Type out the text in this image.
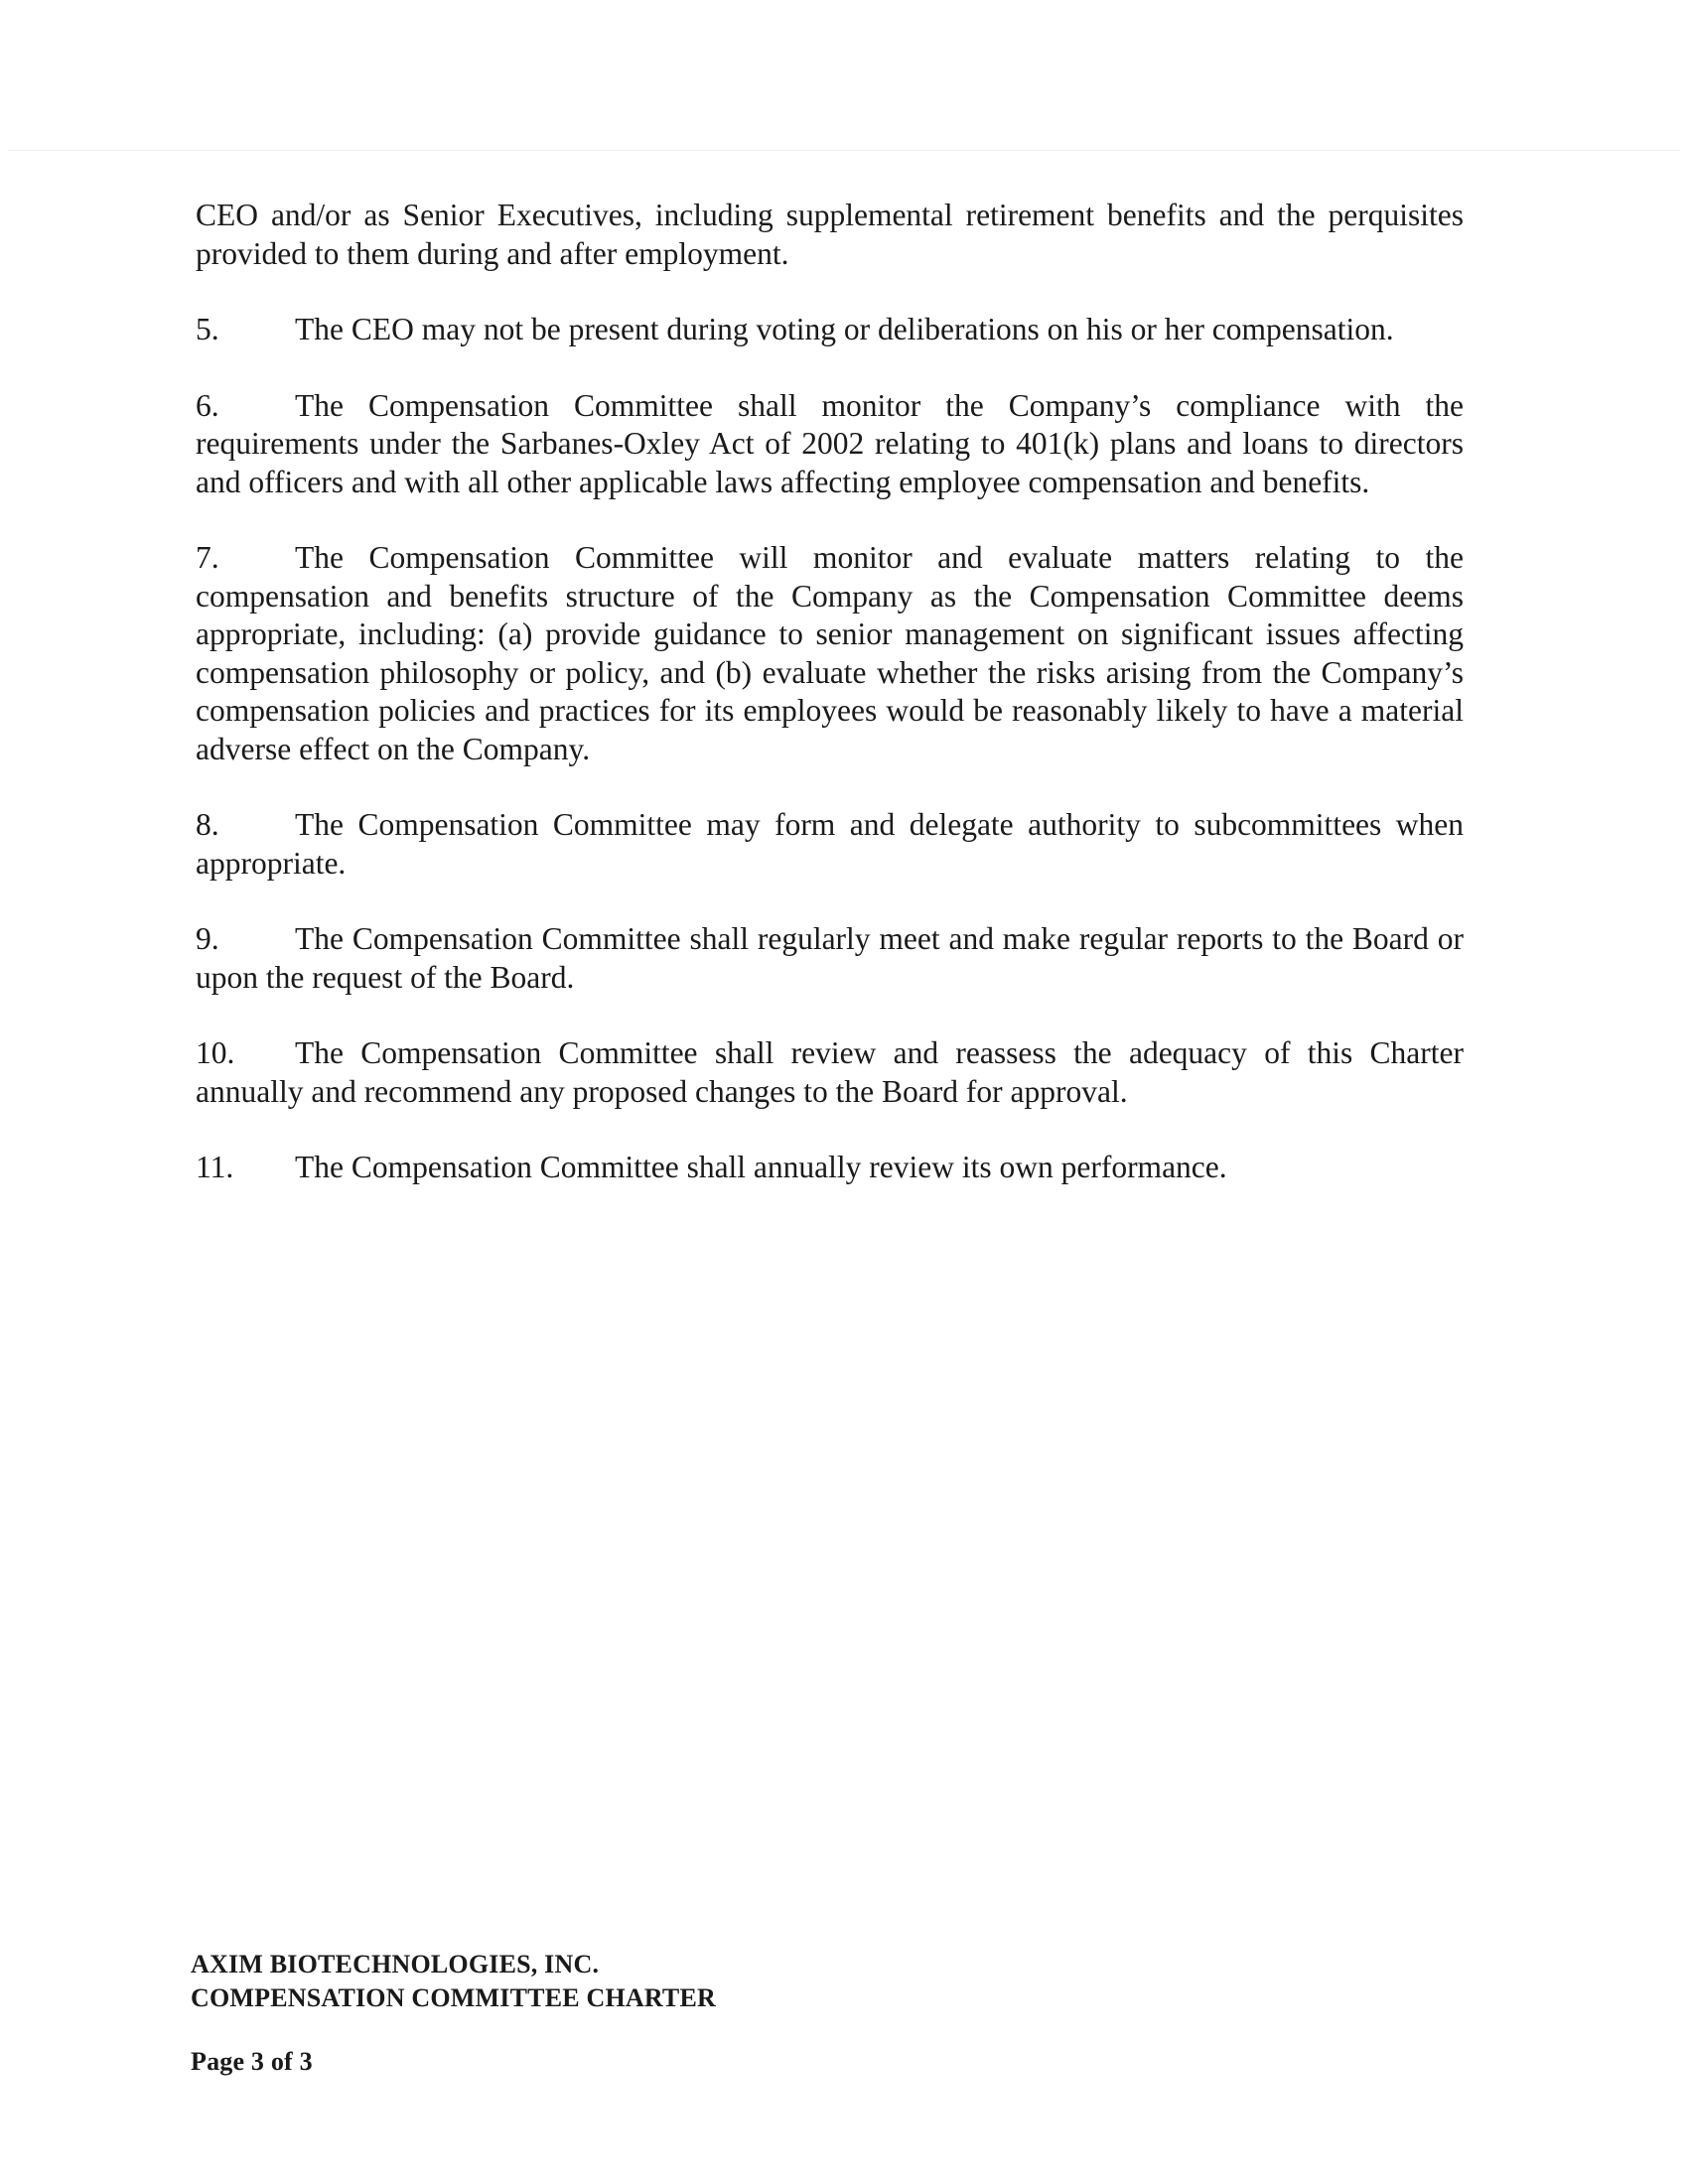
CEO and/or as Senior Executives, including supplemental retirement benefits and the perquisites provided to them during and after employment.

5. The CEO may not be present during voting or deliberations on his or her compensation.

6. The Compensation Committee shall monitor the Company’s compliance with the requirements under the Sarbanes-Oxley Act of 2002 relating to 401(k) plans and loans to directors and officers and with all other applicable laws affecting employee compensation and benefits.

7. The Compensation Committee will monitor and evaluate matters relating to the compensation and benefits structure of the Company as the Compensation Committee deems appropriate, including: (a) provide guidance to senior management on significant issues affecting compensation philosophy or policy, and (b) evaluate whether the risks arising from the Company’s compensation policies and practices for its employees would be reasonably likely to have a material adverse effect on the Company.

8. The Compensation Committee may form and delegate authority to subcommittees when appropriate.

9. The Compensation Committee shall regularly meet and make regular reports to the Board or upon the request of the Board.

10. The Compensation Committee shall review and reassess the adequacy of this Charter annually and recommend any proposed changes to the Board for approval.

11. The Compensation Committee shall annually review its own performance.

AXIM BIOTECHNOLOGIES, INC.
COMPENSATION COMMITTEE CHARTER
Page 3 of 3
